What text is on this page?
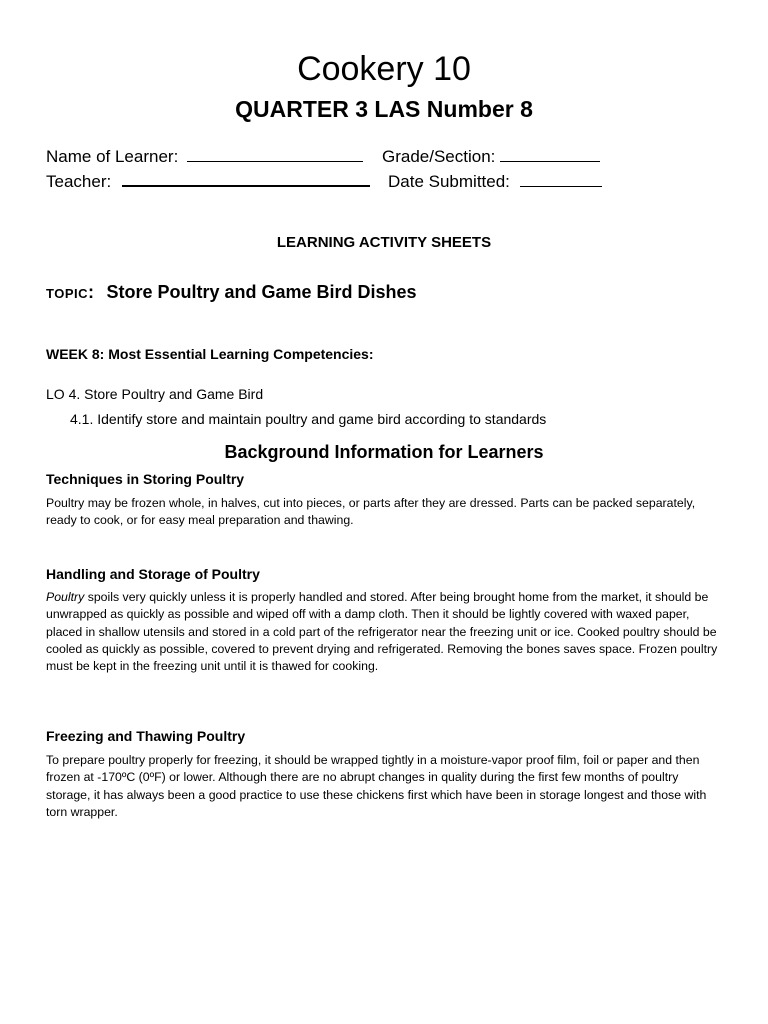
Cookery 10
QUARTER 3 LAS Number 8
Name of Learner:	Grade/Section:
Teacher:	Date Submitted:
LEARNING ACTIVITY SHEETS
TOPIC: Store Poultry and Game Bird Dishes
WEEK 8: Most Essential Learning Competencies:
LO 4. Store Poultry and Game Bird
4.1. Identify store and maintain poultry and game bird according to standards
Background Information for Learners
Techniques in Storing Poultry
Poultry may be frozen whole, in halves, cut into pieces, or parts after they are dressed. Parts can be packed separately, ready to cook, or for easy meal preparation and thawing.
Handling and Storage of Poultry
Poultry spoils very quickly unless it is properly handled and stored. After being brought home from the market, it should be unwrapped as quickly as possible and wiped off with a damp cloth. Then it should be lightly covered with waxed paper, placed in shallow utensils and stored in a cold part of the refrigerator near the freezing unit or ice. Cooked poultry should be cooled as quickly as possible, covered to prevent drying and refrigerated. Removing the bones saves space. Frozen poultry must be kept in the freezing unit until it is thawed for cooking.
Freezing and Thawing Poultry
To prepare poultry properly for freezing, it should be wrapped tightly in a moisture-vapor proof film, foil or paper and then frozen at -170ºC (0ºF) or lower. Although there are no abrupt changes in quality during the first few months of poultry storage, it has always been a good practice to use these chickens first which have been in storage longest and those with torn wrapper.
